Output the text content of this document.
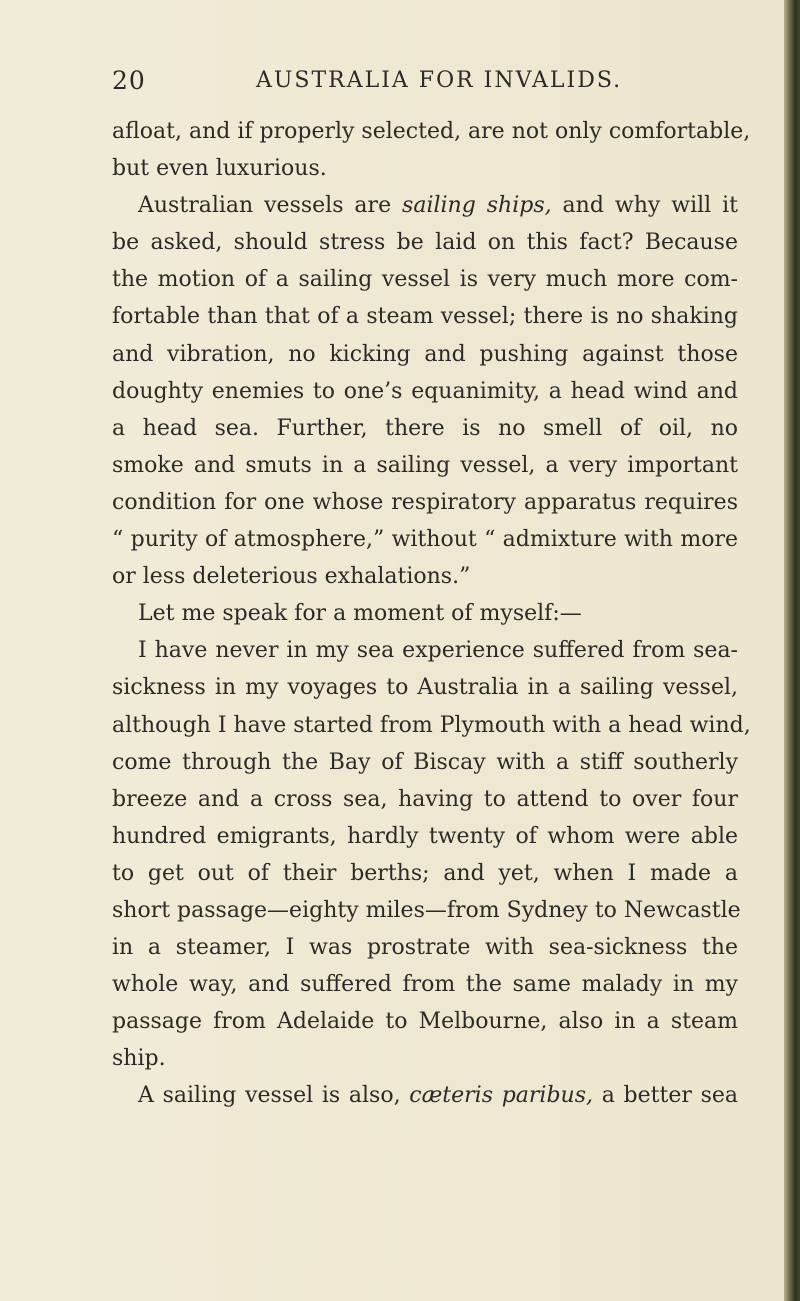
20	AUSTRALIA FOR INVALIDS.
afloat, and if properly selected, are not only comfortable,
but even luxurious.
Australian vessels are sailing ships, and why will it
be asked, should stress be laid on this fact? Because
the motion of a sailing vessel is very much more com-
fortable than that of a steam vessel; there is no shaking
and vibration, no kicking and pushing against those
doughty enemies to one’s equanimity, a head wind and
a head sea. Further, there is no smell of oil, no
smoke and smuts in a sailing vessel, a very important
condition for one whose respiratory apparatus requires
“ purity of atmosphere,” without “ admixture with more
or less deleterious exhalations.”
Let me speak for a moment of myself:—
I have never in my sea experience suffered from sea-
sickness in my voyages to Australia in a sailing vessel,
although I have started from Plymouth with a head wind,
come through the Bay of Biscay with a stiff southerly
breeze and a cross sea, having to attend to over four
hundred emigrants, hardly twenty of whom were able
to get out of their berths; and yet, when I made a
short passage—eighty miles—from Sydney to Newcastle
in a steamer, I was prostrate with sea-sickness the
whole way, and suffered from the same malady in my
passage from Adelaide to Melbourne, also in a steam
ship.
A sailing vessel is also, cæteris paribus, a better sea
